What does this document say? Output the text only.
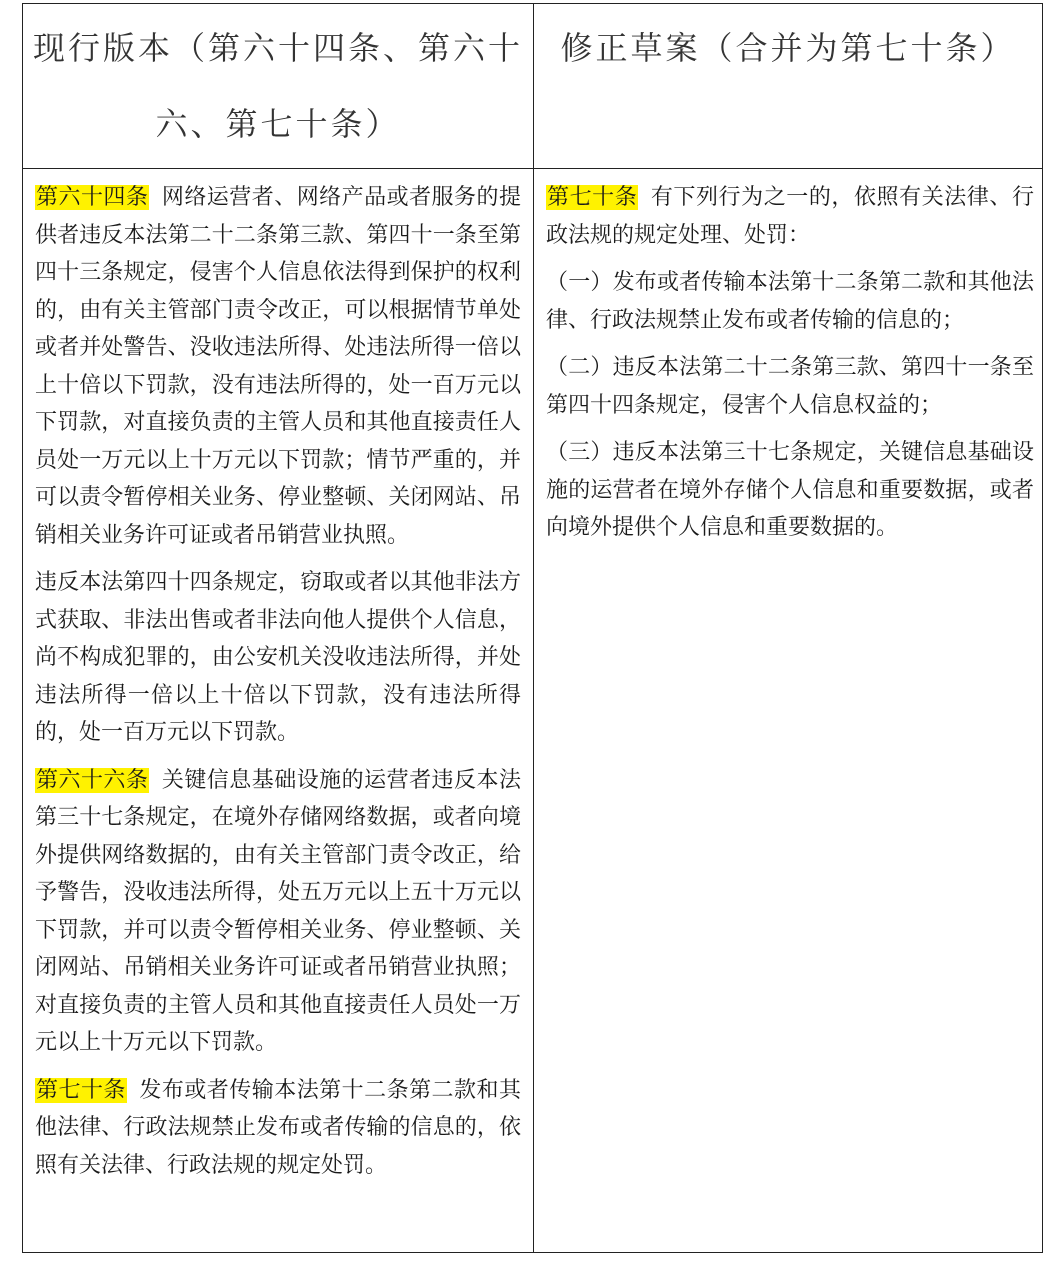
现行版本（第六十四条、第六十六、第七十条）
修正草案（合并为第七十条）

第六十四条 网络运营者、网络产品或者服务的提供者违反本法第二十二条第三款、第四十一条至第四十三条规定，侵害个人信息依法得到保护的权利的，由有关主管部门责令改正，可以根据情节单处或者并处警告、没收违法所得、处违法所得一倍以上十倍以下罚款，没有违法所得的，处一百万元以下罚款，对直接负责的主管人员和其他直接责任人员处一万元以上十万元以下罚款；情节严重的，并可以责令暂停相关业务、停业整顿、关闭网站、吊销相关业务许可证或者吊销营业执照。

违反本法第四十四条规定，窃取或者以其他非法方式获取、非法出售或者非法向他人提供个人信息，尚不构成犯罪的，由公安机关没收违法所得，并处违法所得一倍以上十倍以下罚款，没有违法所得的，处一百万元以下罚款。

第六十六条 关键信息基础设施的运营者违反本法第三十七条规定，在境外存储网络数据，或者向境外提供网络数据的，由有关主管部门责令改正，给予警告，没收违法所得，处五万元以上五十万元以下罚款，并可以责令暂停相关业务、停业整顿、关闭网站、吊销相关业务许可证或者吊销营业执照；对直接负责的主管人员和其他直接责任人员处一万元以上十万元以下罚款。

第七十条 发布或者传输本法第十二条第二款和其他法律、行政法规禁止发布或者传输的信息的，依照有关法律、行政法规的规定处罚。

第七十条 有下列行为之一的，依照有关法律、行政法规的规定处理、处罚：

（一）发布或者传输本法第十二条第二款和其他法律、行政法规禁止发布或者传输的信息的；

（二）违反本法第二十二条第三款、第四十一条至第四十四条规定，侵害个人信息权益的；

（三）违反本法第三十七条规定，关键信息基础设施的运营者在境外存储个人信息和重要数据，或者向境外提供个人信息和重要数据的。
